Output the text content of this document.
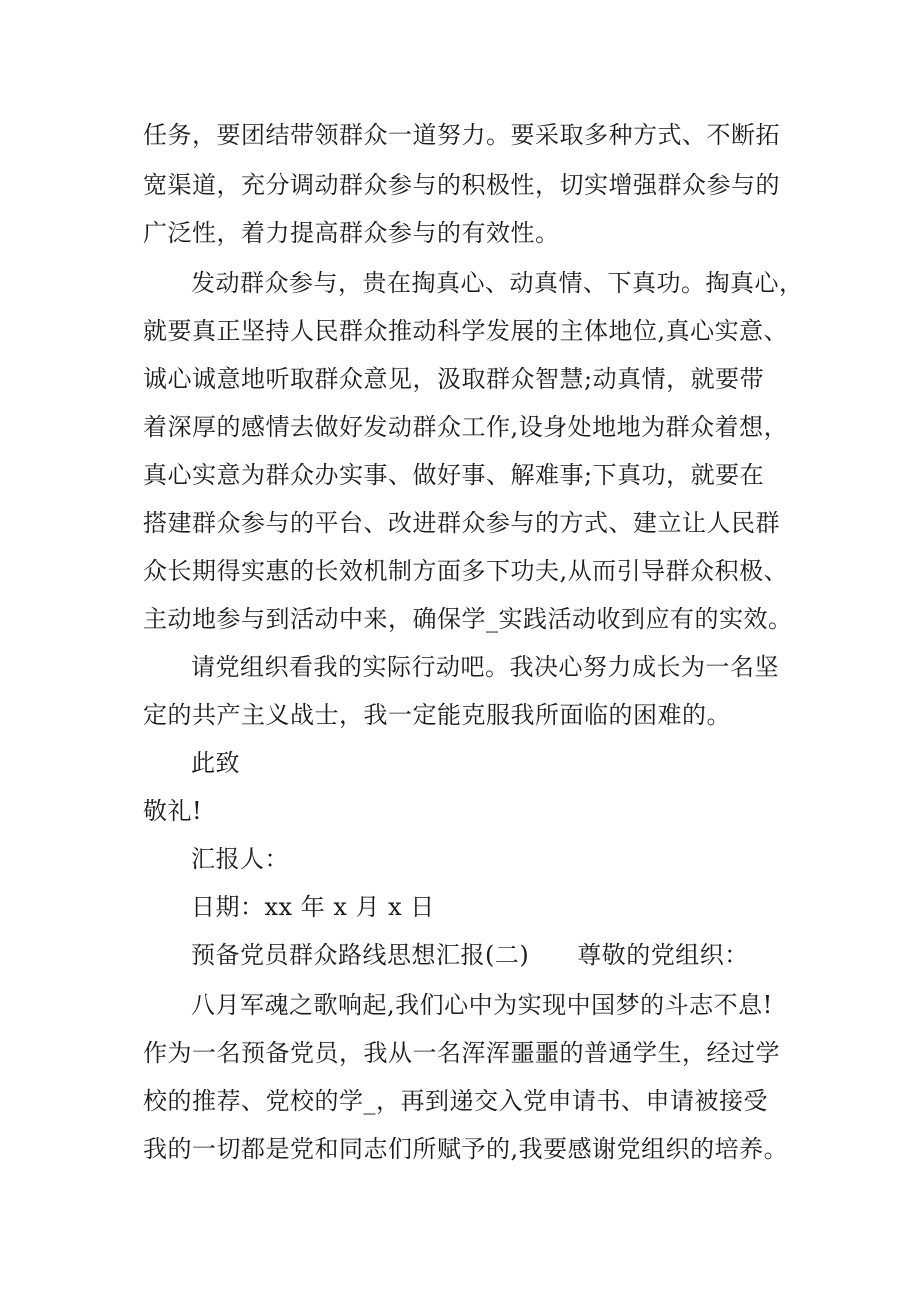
任务，要团结带领群众一道努力。要采取多种方式、不断拓
宽渠道，充分调动群众参与的积极性，切实增强群众参与的
广泛性，着力提高群众参与的有效性。
发动群众参与，贵在掏真心、动真情、下真功。掏真心，
就要真正坚持人民群众推动科学发展的主体地位,真心实意、
诚心诚意地听取群众意见，汲取群众智慧;动真情，就要带
着深厚的感情去做好发动群众工作,设身处地地为群众着想，
真心实意为群众办实事、做好事、解难事;下真功，就要在
搭建群众参与的平台、改进群众参与的方式、建立让人民群
众长期得实惠的长效机制方面多下功夫,从而引导群众积极、
主动地参与到活动中来，确保学_实践活动收到应有的实效。
请党组织看我的实际行动吧。我决心努力成长为一名坚
定的共产主义战士，我一定能克服我所面临的困难的。
此致
敬礼!
汇报人：
日期：xx 年 x 月 x 日
预备党员群众路线思想汇报(二) 尊敬的党组织：
八月军魂之歌响起,我们心中为实现中国梦的斗志不息!
作为一名预备党员，我从一名浑浑噩噩的普通学生，经过学
校的推荐、党校的学_，再到递交入党申请书、申请被接受
我的一切都是党和同志们所赋予的,我要感谢党组织的培养。
